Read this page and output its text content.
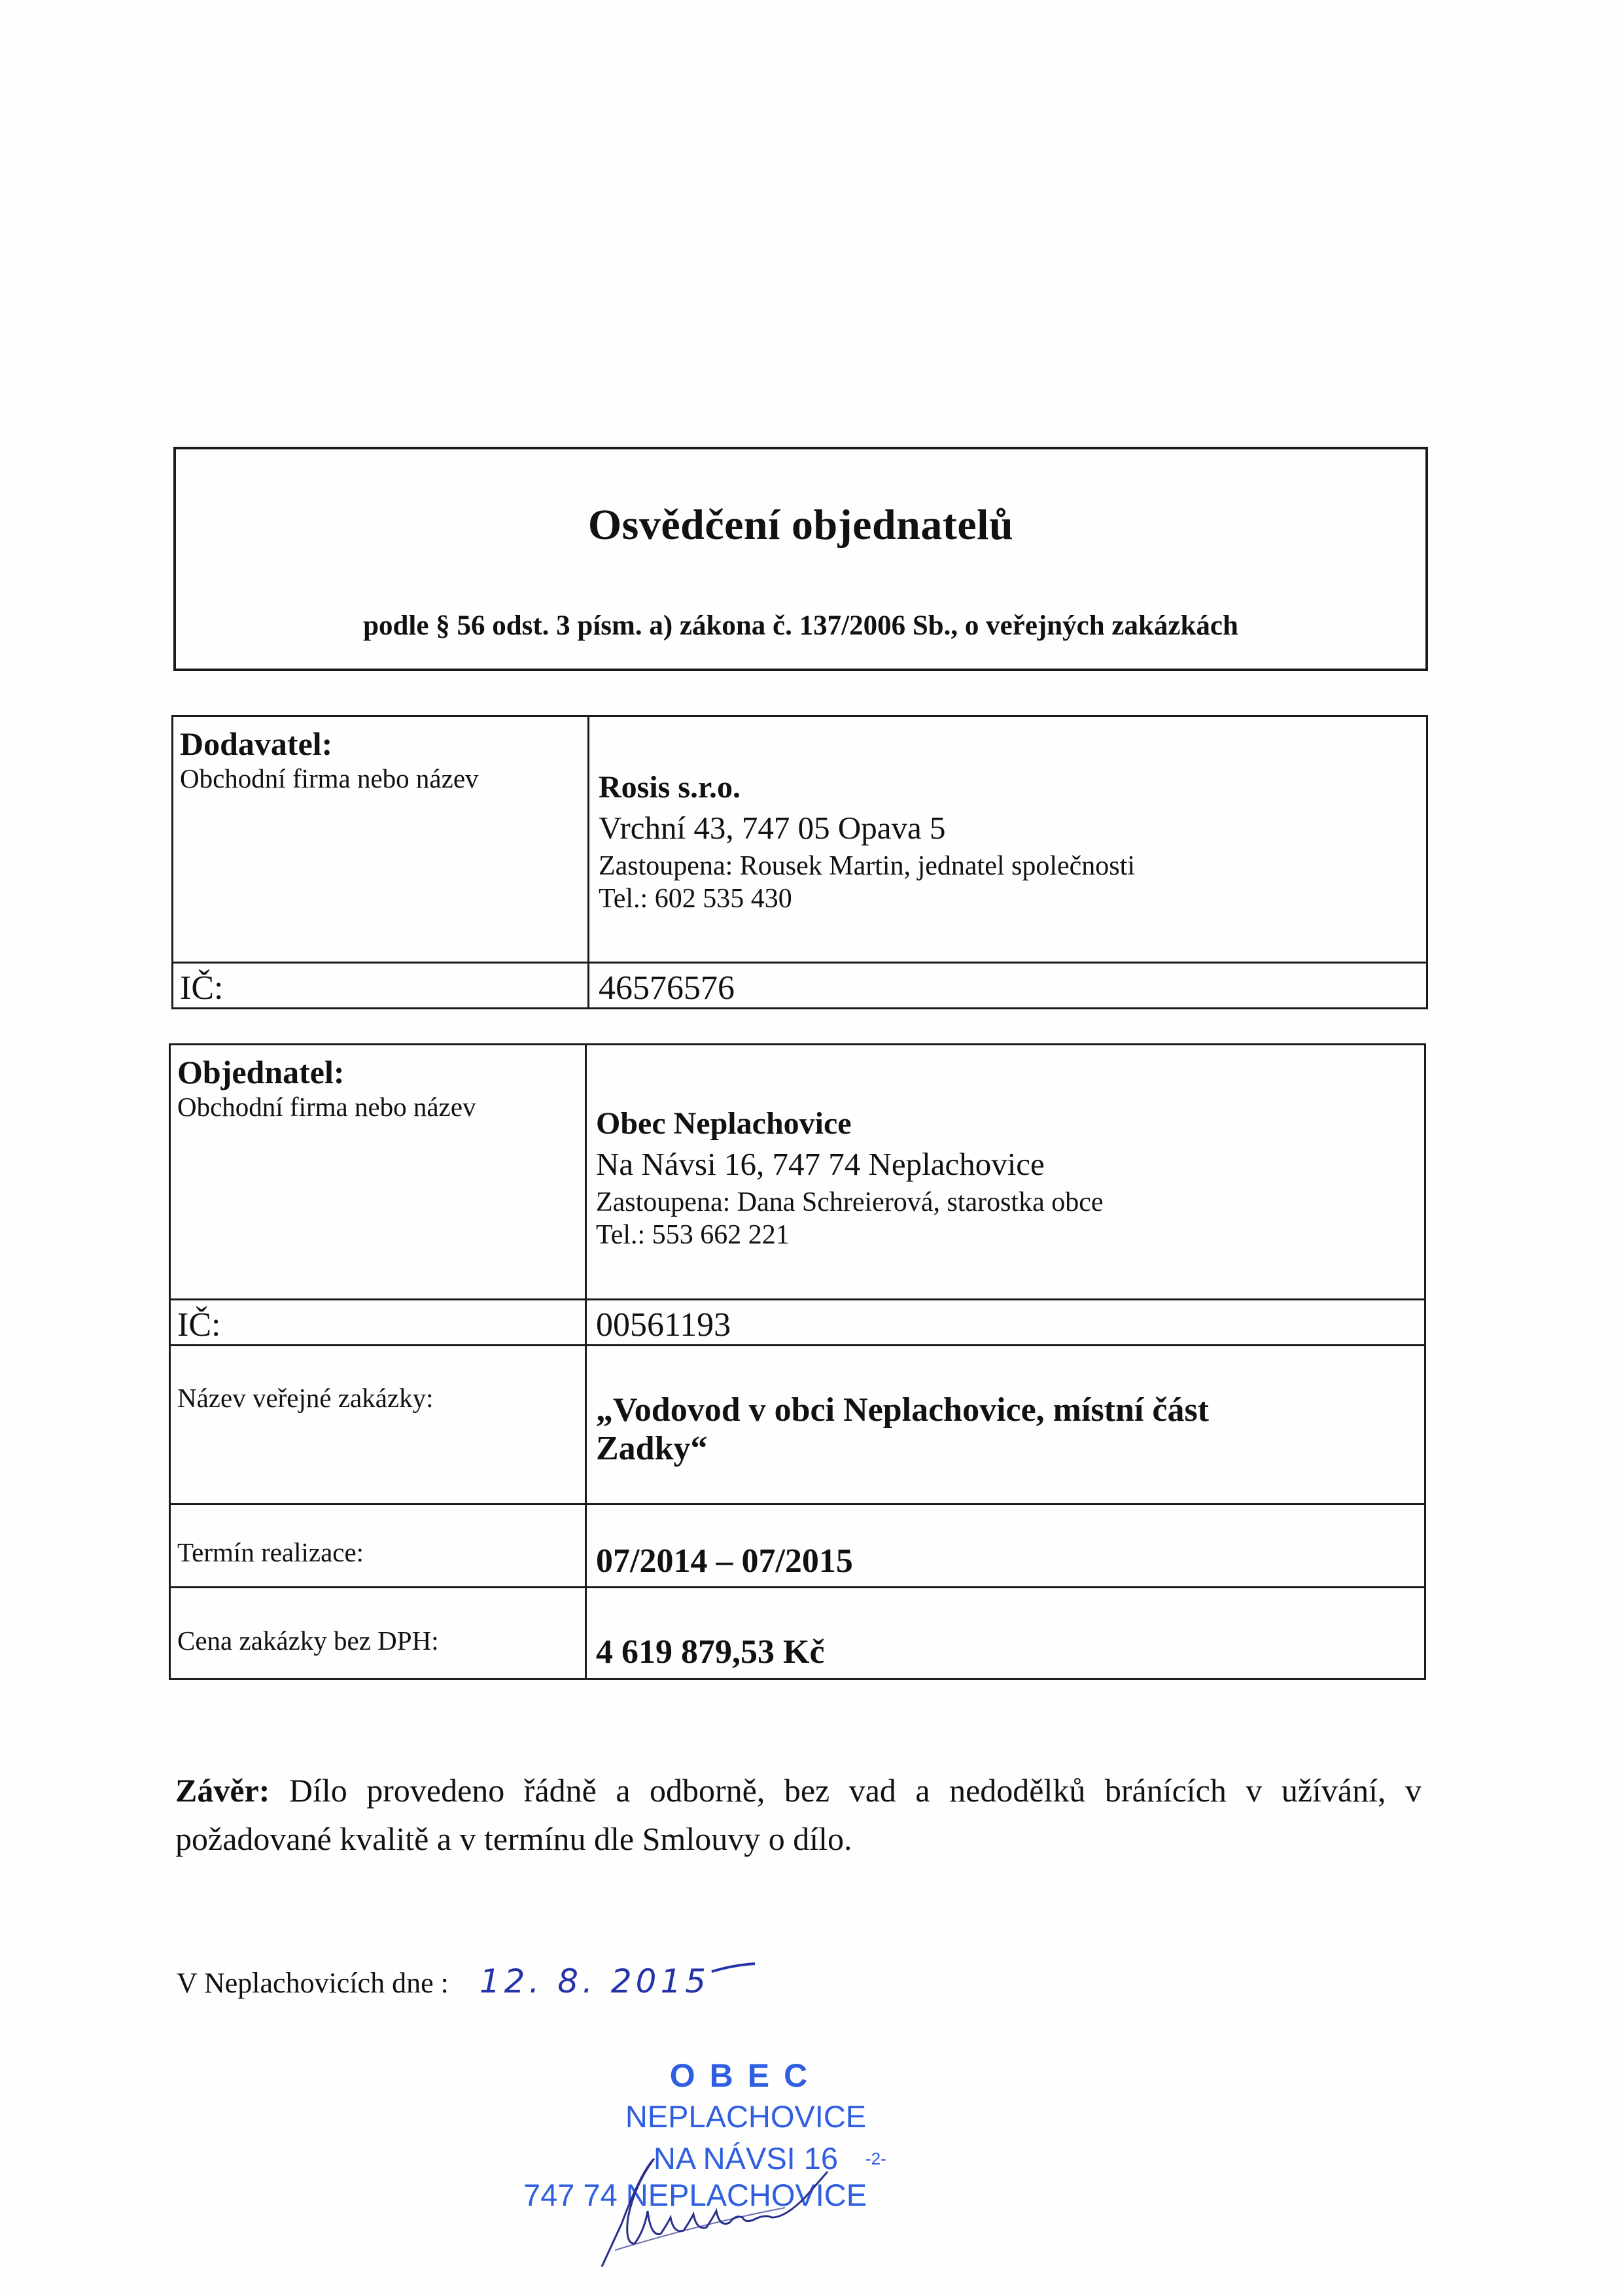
Osvědčení objednatelů
podle § 56 odst. 3 písm. a) zákona č. 137/2006 Sb., o veřejných zakázkách
Dodavatel:
Obchodní firma nebo název	Rosis s.r.o.
Vrchní 43, 747 05 Opava 5
Zastoupena: Rousek Martin, jednatel společnosti
Tel.: 602 535 430

IČ:	46576576
Objednatel:
Obchodní firma nebo název	Obec Neplachovice
Na Návsi 16, 747 74 Neplachovice
Zastoupena: Dana Schreierová, starostka obce
Tel.: 553 662 221

IČ:	00561193

Název veřejné zakázky:	„Vodovod v obci Neplachovice, místní část
Zadky“

Termín realizace:	07/2014 – 07/2015

Cena zakázky bez DPH:	4 619 879,53 Kč
Závěr: Dílo provedeno řádně a odborně, bez vad a nedodělků bránících v užívání, v požadované kvalitě a v termínu dle Smlouvy o dílo.
V Neplachovicích dne : 12. 8. 2015
OBEC
NEPLACHOVICE
NA NÁVSI 16	-2-
747 74 NEPLACHOVICE
